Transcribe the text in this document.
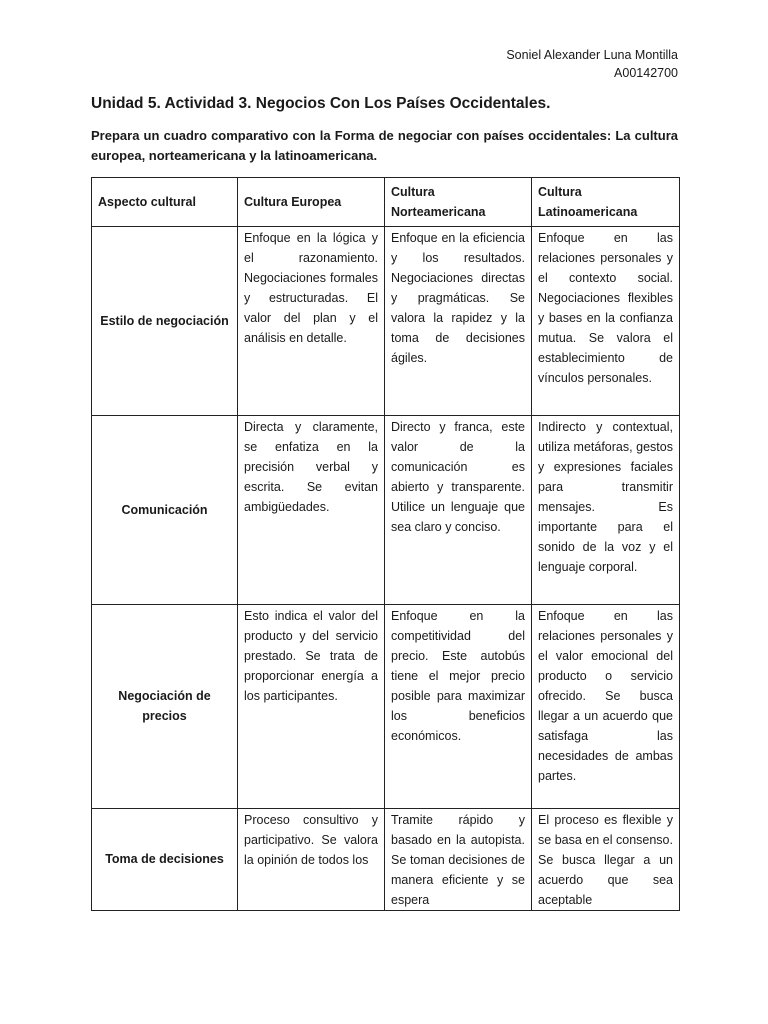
Soniel Alexander Luna Montilla
A00142700
Unidad 5. Actividad 3. Negocios Con Los Países Occidentales.
Prepara un cuadro comparativo con la Forma de negociar con países occidentales: La cultura europea, norteamericana y la latinoamericana.
Aspecto cultural	Cultura Europea	Cultura Norteamericana	Cultura Latinoamericana
Estilo de negociación	Enfoque en la lógica y el razonamiento. Negociaciones formales y estructuradas. El valor del plan y el análisis en detalle.	Enfoque en la eficiencia y los resultados. Negociaciones directas y pragmáticas. Se valora la rapidez y la toma de decisiones ágiles.	Enfoque en las relaciones personales y el contexto social. Negociaciones flexibles y bases en la confianza mutua. Se valora el establecimiento de vínculos personales.
Comunicación	Directa y claramente, se enfatiza en la precisión verbal y escrita. Se evitan ambigüedades.	Directo y franca, este valor de la comunicación es abierto y transparente. Utilice un lenguaje que sea claro y conciso.	Indirecto y contextual, utiliza metáforas, gestos y expresiones faciales para transmitir mensajes. Es importante para el sonido de la voz y el lenguaje corporal.
Negociación de precios	Esto indica el valor del producto y del servicio prestado. Se trata de proporcionar energía a los participantes.	Enfoque en la competitividad del precio. Este autobús tiene el mejor precio posible para maximizar los beneficios económicos.	Enfoque en las relaciones personales y el valor emocional del producto o servicio ofrecido. Se busca llegar a un acuerdo que satisfaga las necesidades de ambas partes.
Toma de decisiones	Proceso consultivo y participativo. Se valora la opinión de todos los	Tramite rápido y basado en la autopista. Se toman decisiones de manera eficiente y se espera	El proceso es flexible y se basa en el consenso. Se busca llegar a un acuerdo que sea aceptable
